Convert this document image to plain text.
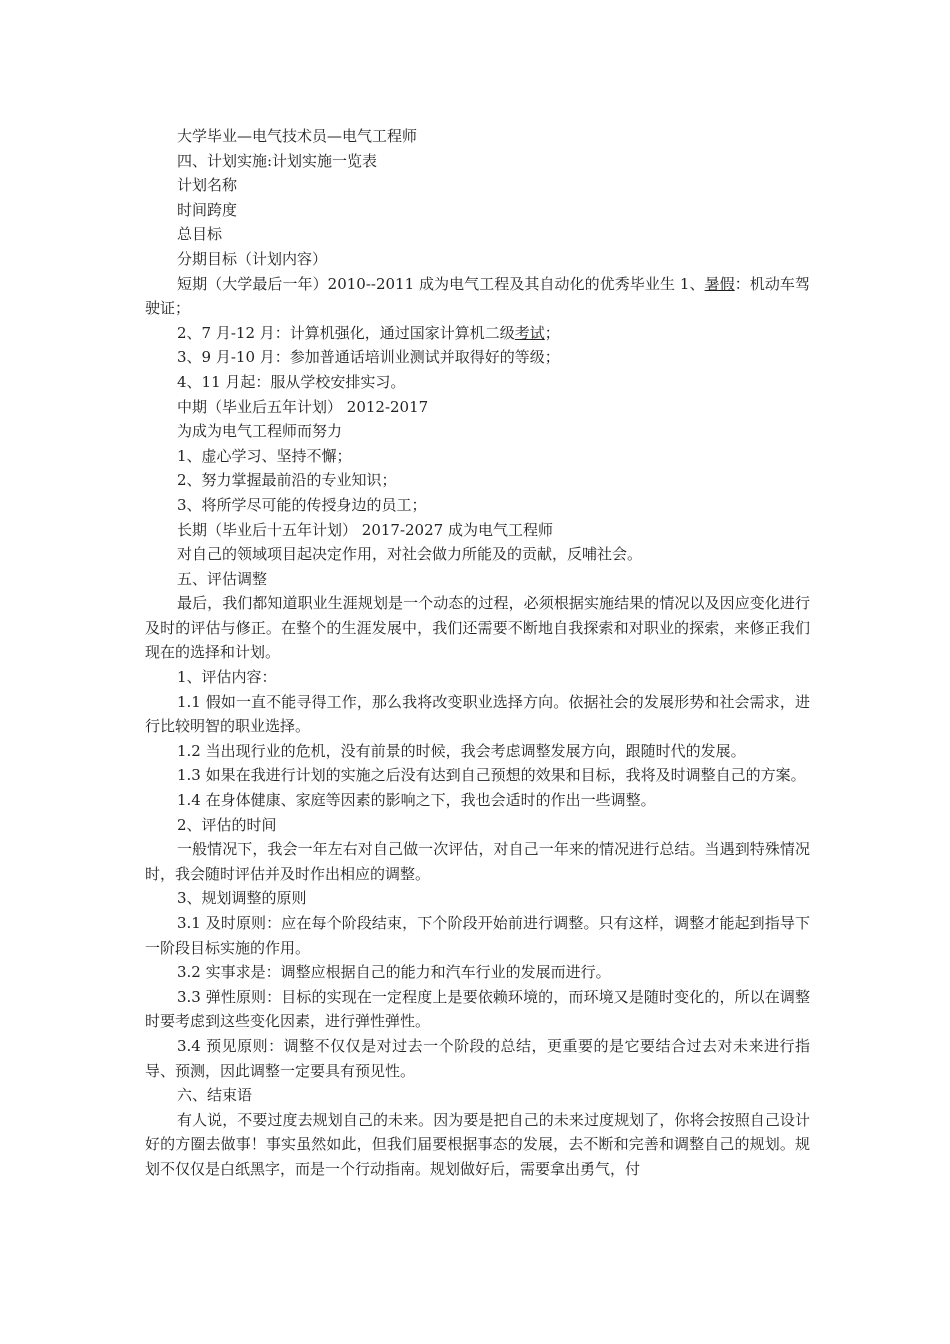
大学毕业—电气技术员—电气工程师

四、计划实施:计划实施一览表

计划名称

时间跨度

总目标

分期目标（计划内容）

短期（大学最后一年）2010--2011 成为电气工程及其自动化的优秀毕业生 1、暑假：机动车驾驶证；

2、7 月-12 月：计算机强化，通过国家计算机二级考试；

3、9 月-10 月：参加普通话培训业测试并取得好的等级；

4、11 月起：服从学校安排实习。

中期（毕业后五年计划） 2012-2017

为成为电气工程师而努力

1、虚心学习、坚持不懈；

2、努力掌握最前沿的专业知识；

3、将所学尽可能的传授身边的员工；

长期（毕业后十五年计划） 2017-2027 成为电气工程师

对自己的领域项目起决定作用，对社会做力所能及的贡献，反哺社会。

五、评估调整

最后，我们都知道职业生涯规划是一个动态的过程，必须根据实施结果的情况以及因应变化进行及时的评估与修正。在整个的生涯发展中，我们还需要不断地自我探索和对职业的探索，来修正我们现在的选择和计划。

1、评估内容：

1.1 假如一直不能寻得工作，那么我将改变职业选择方向。依据社会的发展形势和社会需求，进行比较明智的职业选择。

1.2 当出现行业的危机，没有前景的时候，我会考虑调整发展方向，跟随时代的发展。

1.3 如果在我进行计划的实施之后没有达到自己预想的效果和目标，我将及时调整自己的方案。

1.4 在身体健康、家庭等因素的影响之下，我也会适时的作出一些调整。

2、评估的时间

一般情况下，我会一年左右对自己做一次评估，对自己一年来的情况进行总结。当遇到特殊情况时，我会随时评估并及时作出相应的调整。

3、规划调整的原则

3.1 及时原则：应在每个阶段结束，下个阶段开始前进行调整。只有这样，调整才能起到指导下一阶段目标实施的作用。

3.2 实事求是：调整应根据自己的能力和汽车行业的发展而进行。

3.3 弹性原则：目标的实现在一定程度上是要依赖环境的，而环境又是随时变化的，所以在调整时要考虑到这些变化因素，进行弹性弹性。

3.4 预见原则：调整不仅仅是对过去一个阶段的总结，更重要的是它要结合过去对未来进行指导、预测，因此调整一定要具有预见性。

六、结束语

有人说，不要过度去规划自己的未来。因为要是把自己的未来过度规划了，你将会按照自己设计好的方圈去做事！事实虽然如此，但我们届要根据事态的发展，去不断和完善和调整自己的规划。规划不仅仅是白纸黑字，而是一个行动指南。规划做好后，需要拿出勇气，付
